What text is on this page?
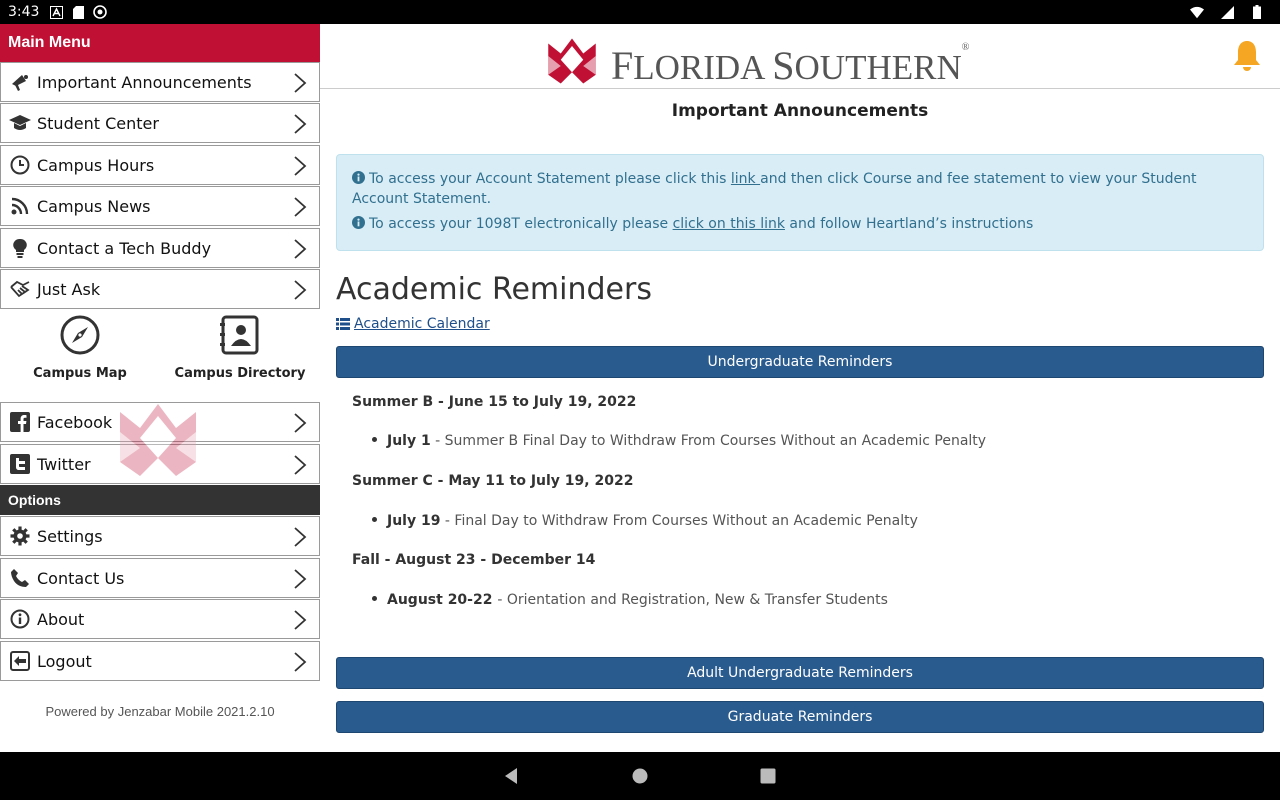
3:43
Main Menu
Important Announcements
Student Center
Campus Hours
Campus News
Contact a Tech Buddy
Just Ask
Campus Map	Campus Directory
Facebook
Twitter
Options
Settings
Contact Us
About
Logout
Powered by Jenzabar Mobile 2021.2.10
FLORIDA SOUTHERN®
Important Announcements

To access your Account Statement please click this link and then click Course and fee statement to view your Student Account Statement.

To access your 1098T electronically please click on this link and follow Heartland’s instructions

Academic Reminders
Academic Calendar
Undergraduate Reminders
Summer B - June 15 to July 19, 2022
July 1 - Summer B Final Day to Withdraw From Courses Without an Academic Penalty
Summer C - May 11 to July 19, 2022
July 19 - Final Day to Withdraw From Courses Without an Academic Penalty
Fall - August 23 - December 14
August 20-22 - Orientation and Registration, New & Transfer Students
Adult Undergraduate Reminders
Graduate Reminders
